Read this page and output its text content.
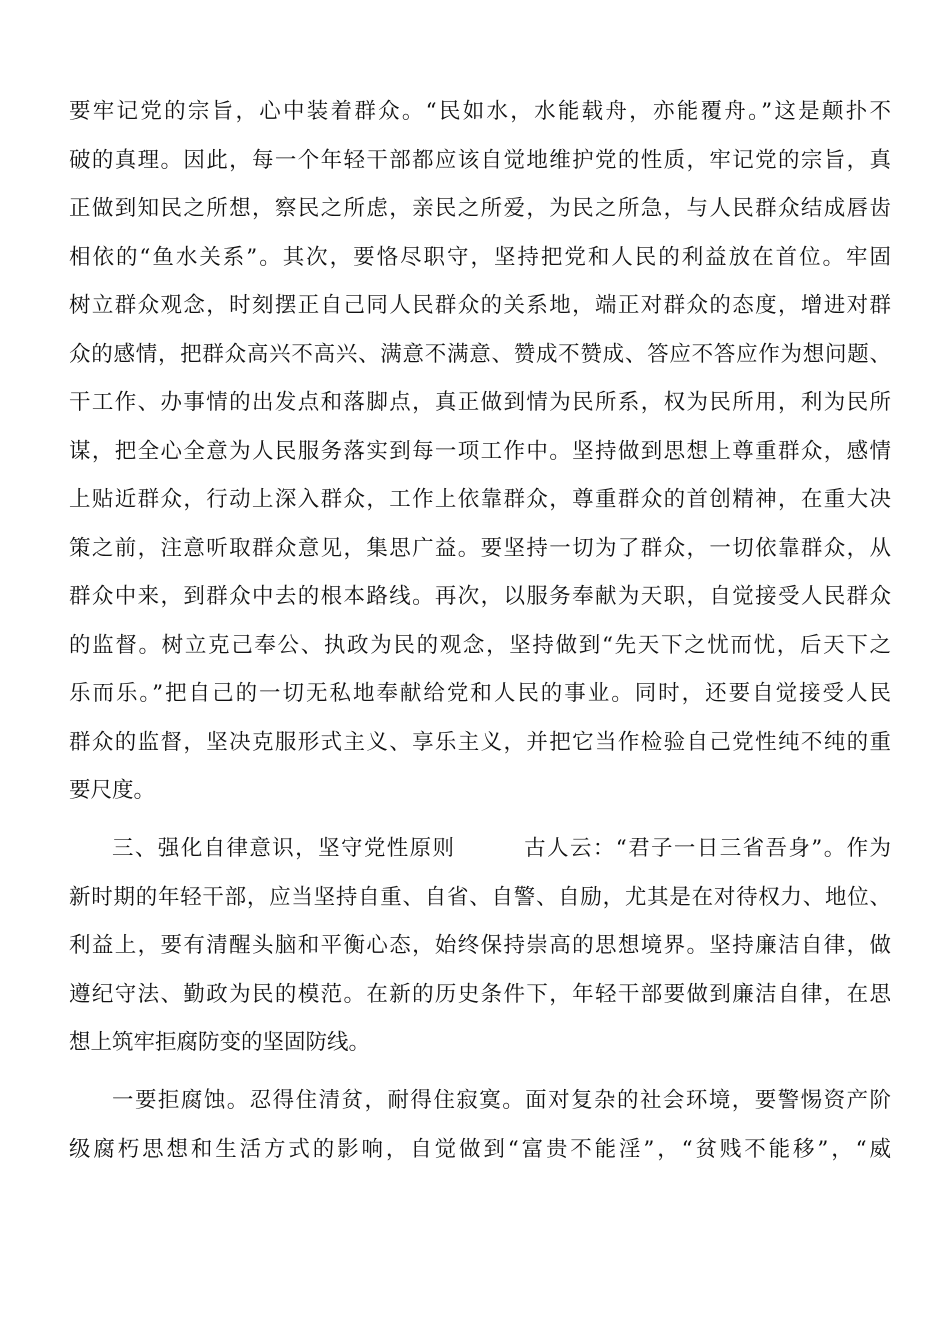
要牢记党的宗旨，心中装着群众。“民如水，水能载舟，亦能覆舟。”这是颠扑不
破的真理。因此，每一个年轻干部都应该自觉地维护党的性质，牢记党的宗旨，真
正做到知民之所想，察民之所虑，亲民之所爱，为民之所急，与人民群众结成唇齿
相依的“鱼水关系”。其次，要恪尽职守，坚持把党和人民的利益放在首位。牢固
树立群众观念，时刻摆正自己同人民群众的关系地，端正对群众的态度，增进对群
众的感情，把群众高兴不高兴、满意不满意、赞成不赞成、答应不答应作为想问题、
干工作、办事情的出发点和落脚点，真正做到情为民所系，权为民所用，利为民所
谋，把全心全意为人民服务落实到每一项工作中。坚持做到思想上尊重群众，感情
上贴近群众，行动上深入群众，工作上依靠群众，尊重群众的首创精神，在重大决
策之前，注意听取群众意见，集思广益。要坚持一切为了群众，一切依靠群众，从
群众中来，到群众中去的根本路线。再次，以服务奉献为天职，自觉接受人民群众
的监督。树立克己奉公、执政为民的观念，坚持做到“先天下之忧而忧，后天下之
乐而乐。”把自己的一切无私地奉献给党和人民的事业。同时，还要自觉接受人民
群众的监督，坚决克服形式主义、享乐主义，并把它当作检验自己党性纯不纯的重
要尺度。
三、强化自律意识，坚守党性原则　　　古人云：“君子一日三省吾身”。作为
新时期的年轻干部，应当坚持自重、自省、自警、自励，尤其是在对待权力、地位、
利益上，要有清醒头脑和平衡心态，始终保持崇高的思想境界。坚持廉洁自律，做
遵纪守法、勤政为民的模范。在新的历史条件下，年轻干部要做到廉洁自律，在思
想上筑牢拒腐防变的坚固防线。
一要拒腐蚀。忍得住清贫，耐得住寂寞。面对复杂的社会环境，要警惕资产阶
级腐朽思想和生活方式的影响，自觉做到“富贵不能淫”，“贫贱不能移”，“威
